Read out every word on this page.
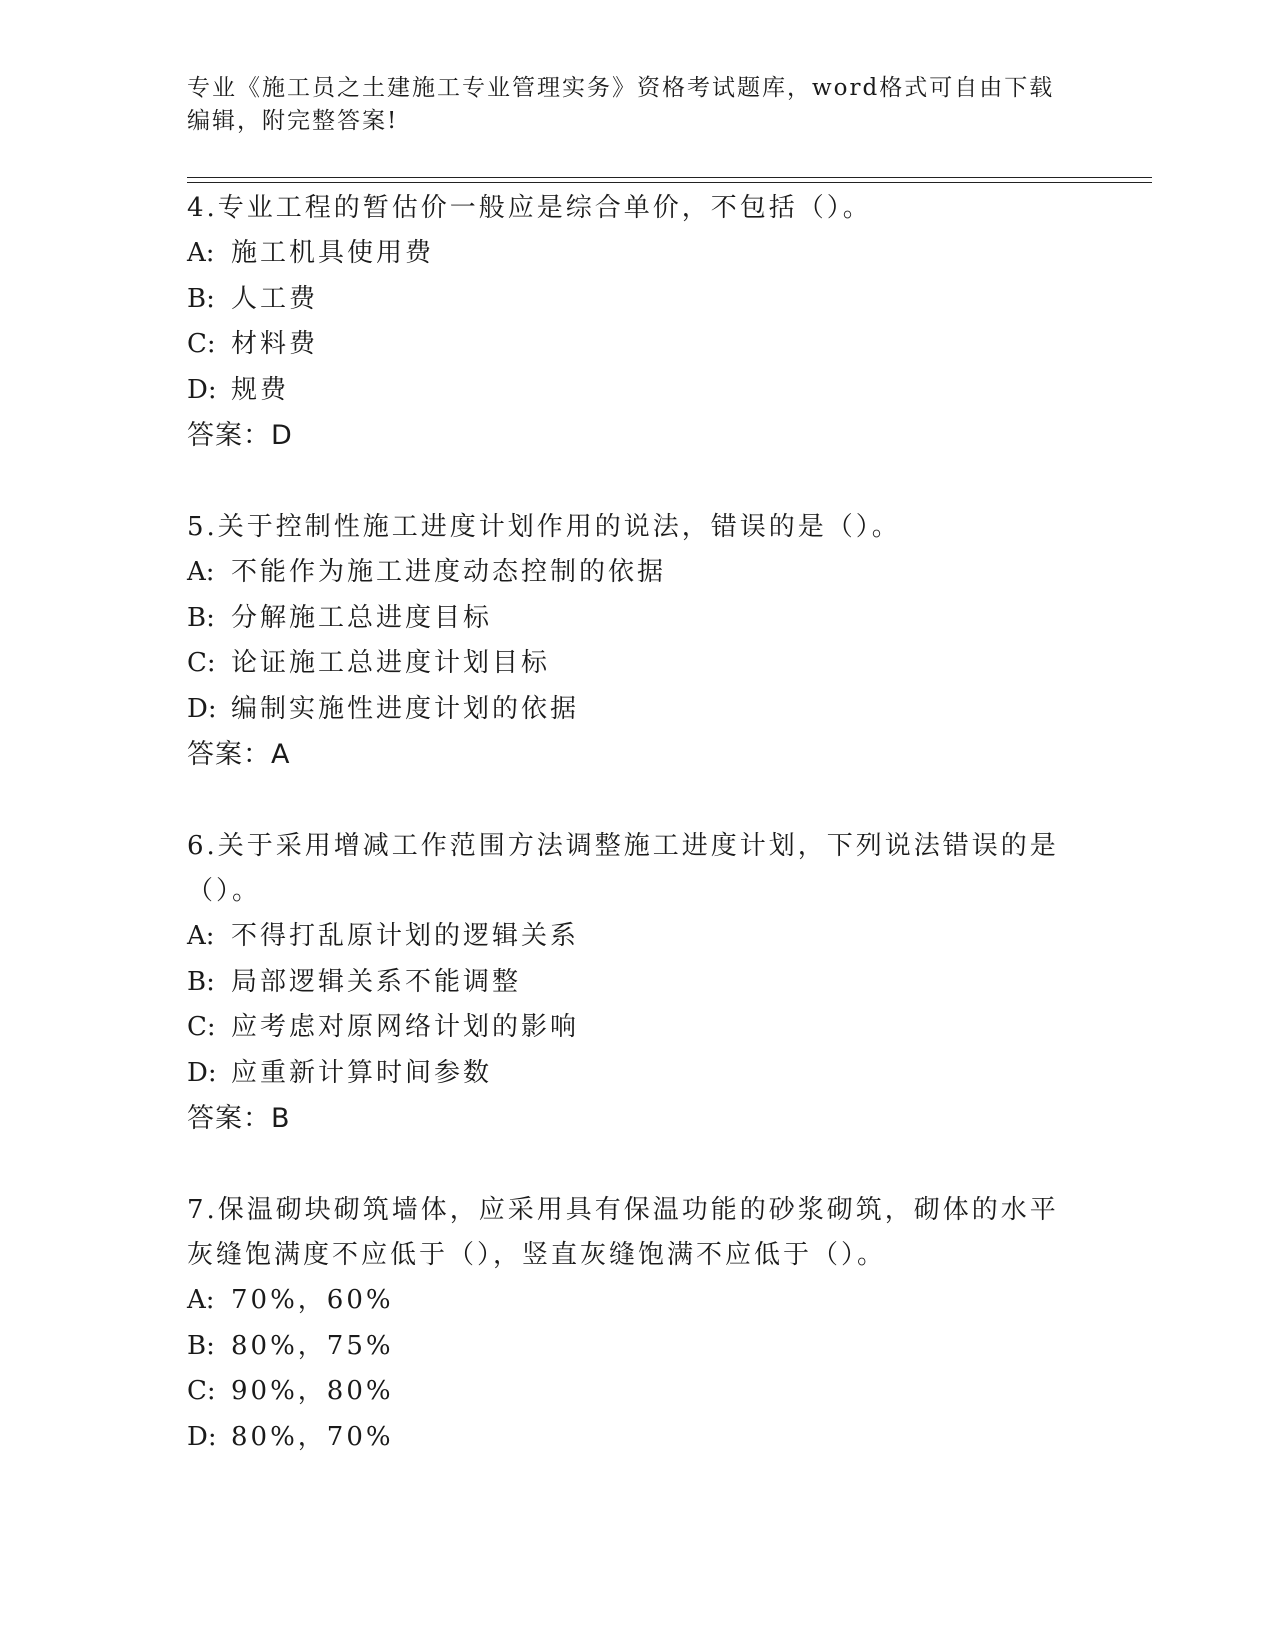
专业《施工员之土建施工专业管理实务》资格考试题库，word格式可自由下载编辑，附完整答案!

4.专业工程的暂估价一般应是综合单价，不包括（）。

A: 施工机具使用费

B: 人工费

C: 材料费

D: 规费

答案：D

5.关于控制性施工进度计划作用的说法，错误的是（）。

A: 不能作为施工进度动态控制的依据

B: 分解施工总进度目标

C: 论证施工总进度计划目标

D: 编制实施性进度计划的依据

答案：A

6.关于采用增减工作范围方法调整施工进度计划，下列说法错误的是（）。

A: 不得打乱原计划的逻辑关系

B: 局部逻辑关系不能调整

C: 应考虑对原网络计划的影响

D: 应重新计算时间参数

答案：B

7.保温砌块砌筑墙体，应采用具有保温功能的砂浆砌筑，砌体的水平灰缝饱满度不应低于（），竖直灰缝饱满不应低于（）。

A: 70%，60%

B: 80%，75%

C: 90%，80%

D: 80%，70%
